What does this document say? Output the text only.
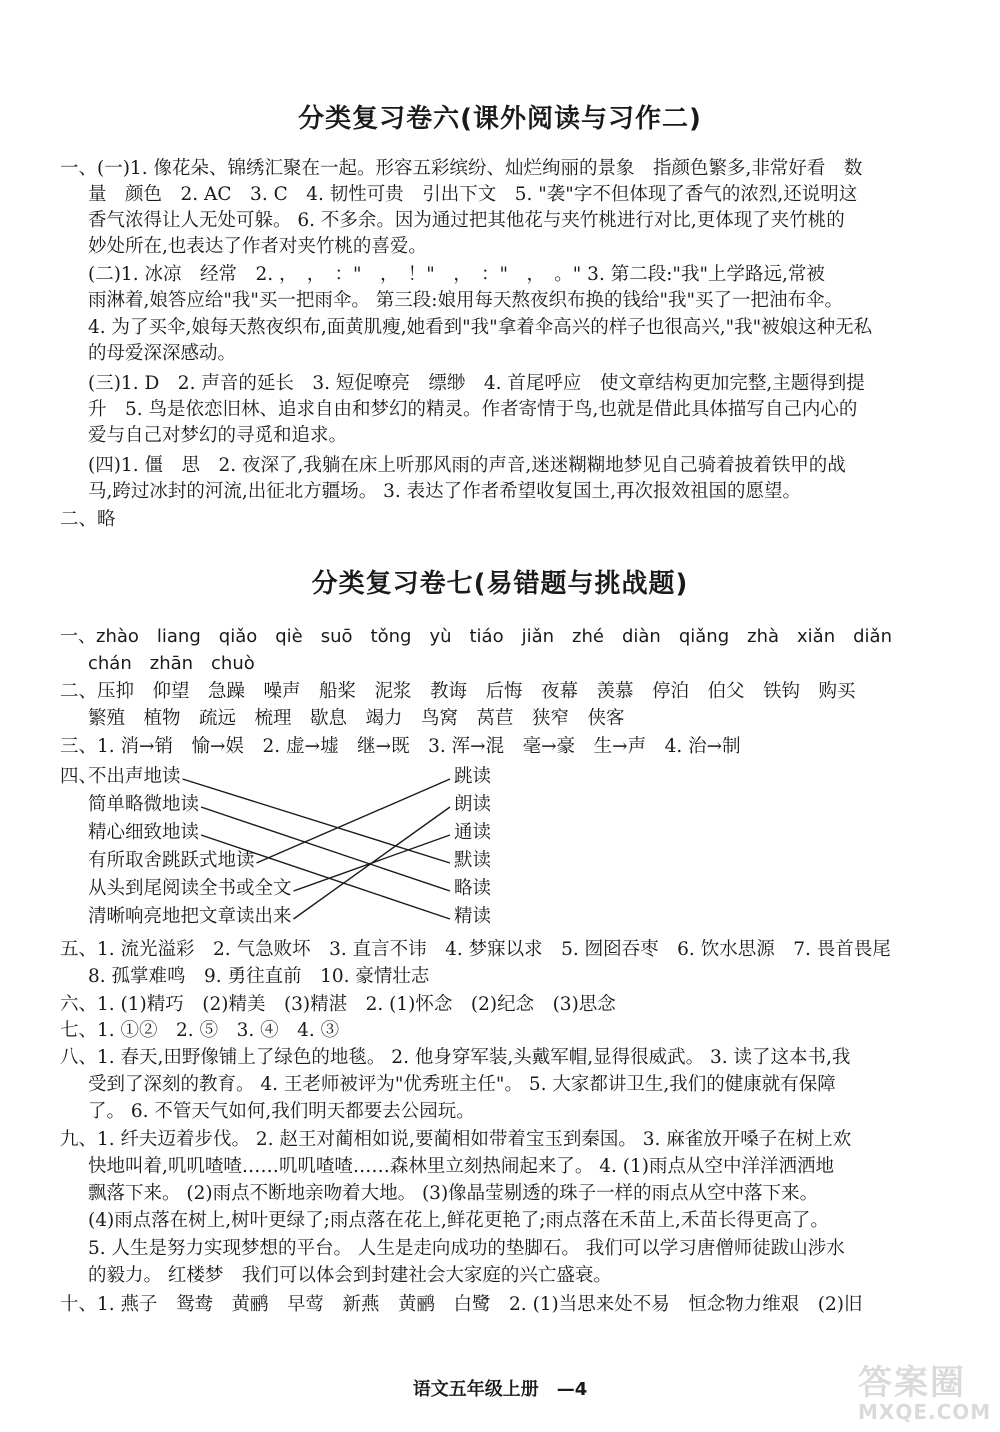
分类复习卷六(课外阅读与习作二)
一、(一)1. 像花朵、锦绣汇聚在一起。形容五彩缤纷、灿烂绚丽的景象　指颜色繁多,非常好看　数
量　颜色　2. AC　3. C　4. 韧性可贵　引出下文　5. "袭"字不但体现了香气的浓烈,还说明这
香气浓得让人无处可躲。 6. 不多余。因为通过把其他花与夹竹桃进行对比,更体现了夹竹桃的
妙处所在,也表达了作者对夹竹桃的喜爱。
(二)1. 冰凉　经常　2. ，　，　："　，　！"　，　："　，　。" 3. 第二段:"我"上学路远,常被
雨淋着,娘答应给"我"买一把雨伞。 第三段:娘用每天熬夜织布换的钱给"我"买了一把油布伞。
4. 为了买伞,娘每天熬夜织布,面黄肌瘦,她看到"我"拿着伞高兴的样子也很高兴,"我"被娘这种无私
的母爱深深感动。
(三)1. D　2. 声音的延长　3. 短促嘹亮　缥缈　4. 首尾呼应　使文章结构更加完整,主题得到提
升　5. 鸟是依恋旧林、追求自由和梦幻的精灵。作者寄情于鸟,也就是借此具体描写自己内心的
爱与自己对梦幻的寻觅和追求。
(四)1. 僵　思　2. 夜深了,我躺在床上听那风雨的声音,迷迷糊糊地梦见自己骑着披着铁甲的战
马,跨过冰封的河流,出征北方疆场。 3. 表达了作者希望收复国土,再次报效祖国的愿望。
二、略
分类复习卷七(易错题与挑战题)
一、zhào　liang　qiǎo　qiè　suō　tǒng　yù　tiáo　jiǎn　zhé　diàn　qiǎng　zhà　xiǎn　diǎn
chán　zhān　chuò
二、压抑　仰望　急躁　噪声　船桨　泥浆　教诲　后悔　夜幕　羡慕　停泊　伯父　铁钩　购买
繁殖　植物　疏远　梳理　歇息　竭力　鸟窝　莴苣　狭窄　侠客
三、1. 消→销　愉→娱　2. 虚→墟　继→既　3. 浑→混　毫→豪　生→声　4. 治→制
四、
不出声地读
简单略微地读
精心细致地读
有所取舍跳跃式地读
从头到尾阅读全书或全文
清晰响亮地把文章读出来
跳读
朗读
通读
默读
略读
精读
五、1. 流光溢彩　2. 气急败坏　3. 直言不讳　4. 梦寐以求　5. 囫囵吞枣　6. 饮水思源　7. 畏首畏尾
8. 孤掌难鸣　9. 勇往直前　10. 豪情壮志
六、1. (1)精巧　(2)精美　(3)精湛　2. (1)怀念　(2)纪念　(3)思念
七、1. ①②　2. ⑤　3. ④　4. ③
八、1. 春天,田野像铺上了绿色的地毯。 2. 他身穿军装,头戴军帽,显得很威武。 3. 读了这本书,我
受到了深刻的教育。 4. 王老师被评为"优秀班主任"。 5. 大家都讲卫生,我们的健康就有保障
了。 6. 不管天气如何,我们明天都要去公园玩。
九、1. 纤夫迈着步伐。 2. 赵王对蔺相如说,要蔺相如带着宝玉到秦国。 3. 麻雀放开嗓子在树上欢
快地叫着,叽叽喳喳……叽叽喳喳……森林里立刻热闹起来了。 4. (1)雨点从空中洋洋洒洒地
飘落下来。 (2)雨点不断地亲吻着大地。 (3)像晶莹剔透的珠子一样的雨点从空中落下来。
(4)雨点落在树上,树叶更绿了;雨点落在花上,鲜花更艳了;雨点落在禾苗上,禾苗长得更高了。
5. 人生是努力实现梦想的平台。 人生是走向成功的垫脚石。 我们可以学习唐僧师徒跋山涉水
的毅力。 红楼梦　我们可以体会到封建社会大家庭的兴亡盛衰。
十、1. 燕子　鸳鸯　黄鹂　早莺　新燕　黄鹂　白鹭　2. (1)当思来处不易　恒念物力维艰　(2)旧
语文五年级上册　—4	答案圈
MXQE.COM
